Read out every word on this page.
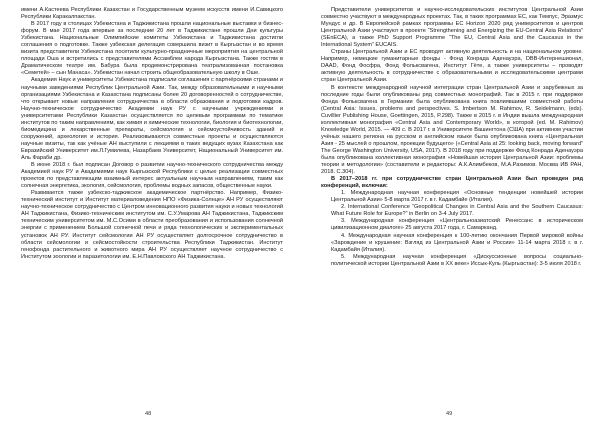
имени А.Кастеева Республики Казахстан и Государственным музеем искусств имени И.Савицкого Республики Каракалпакстан.

В 2017 году в столицах Узбекистана и Таджикистана прошли национальные выставки и бизнес-форум. В мае 2017 года впервые за последние 20 лет в Таджикистане прошли Дни культуры Узбекистана. Национальные Олимпийские комитеты Узбекистана и Таджикистана достигли соглашения о подготовке. Также узбекская делегация совершила визит в Кыргызстан и во время визита представители Узбекистана посетили культурно-праздничные мероприятия на центральной площади Оша и встретились с представителями Ассамблеи народа Кыргызстана. Также гостям в Драматическом театре им. Бабура была продемонстрирована театрализованная постановка «Семетей» – сын Манаса». Узбекистан начал строить общеобразовательную школу в Оше.

Академия Наук и университеты Узбекистана подписали соглашения с партнёрскими странами и научными заведениями Республик Центральной Азии. Так, между образовательными и научными организациями Узбекистана и Казахстана подписаны более 20 договоренностей о сотрудничестве, что открывает новые направления сотрудничества в области образования и подготовки кадров. Научно-техническое сотрудничество Академии наук РУ с научными учреждениями и университетами Республики Казахстан осуществляется по целевым программам по тематике институтов по таким направлениям, как химия и химические технологии, биология и биотехнологии, биомедицина и лекарственные препараты, сейсмология и сейсмоустойчивость зданий и сооружений, археология и история. Реализовываются совместные проекты и осуществляются научные визиты, так как учёные АН выступили с лекциями в таких ведущих вузах Казахстана как Евразийский Университет им.Л.Гумилева, Назарбаев Университет, Национальный Университет им. Аль Фараби др.

В июне 2018 г. был подписан Договор о развитии научно-технического сотрудничества между Академией наук РУ и Академиями наук Кыргызской Республики с целью реализации совместных проектов по представляющим взаимный интерес актуальным научным направлениям, таким как солнечная энергетика, экология, сейсмология, проблемы водных запасов, общественные науки.

Развивается также узбекско-таджикское академическое партнёрство. Например, Физико-технический институт и Институт материаловедения НПО «Физика-Солнце» АН РУ осуществляют научно-техническое сотрудничество с Центром инновационного развития науки и новых технологий АН Таджикистана, Физико-техническим институтом им. С.У.Умарова АН Таджикистана, Таджикским техническим университетом им. М.С.Осими в области преобразования и использования солнечной энергии с применением Большой солнечной печи и ряда технологических и экспериментальных установок АН РУ. Институт сейсмологии АН РУ осуществляет долгосрочное сотрудничество в области сейсмологии и сейсмостойкости строительства Республики Таджикистан. Институт генофонда растительного и животного мира АН РУ осуществляет научное сотрудничество с Институтом зоологии и паразитологии им. Е.Н.Павловского АН Таджикистана.

48

Представители университетов и научно-исследовательских институтов Центральной Азии совместно участвуют в международных проектах. Так, в таких программах ЕС, как Темпус, Эразмус Мундус и др. В Европейской рамках программы ЕС Horizon 2020 ряд университетов и центров Центральной Азии участвуют в проекте “Strengthening and Energizing the EU-Central Asia Relations” (SEnECA), а также PhD Support Programme “The EU, Central Asia and the Caucasus in the International System” EUCAIS.

Страны Центральной Азии и ЕС проводят активную деятельность и на национальном уровне. Например, немецкие гуманитарные фонды - Фонд Конрада Аденауэра, DBB-Интернешионал, DAAD, Фонд Фосфра, Фонд Фольксвагена, Институт Гёте, а также университеты – проводят активную деятельность в сотрудничестве с образовательными и исследовательскими центрами стран Центральной Азии.

В контексте международной научной интеграции стран Центральной Азии и зарубежных за последние годы были опубликованы ряд совместных монографий. Так в 2015 г. при поддержке Фонда Фольксвагена в Германии была опубликована книга повлиявшими совместной работы (Central Asia: Issues, problems and perspectives. S. Imbertson M. Rahimov, R. Seidelmann, (eds). Cuvillier Publishing House, Goettingen, 2015, P.298). Также в 2015 г. в Индии вышла международная коллективная монография «Central Asia and Contemporary World», в которой (ed. M. Rahimov) Knowledge World, 2015. — 409 с. В 2017 г. в Университете Вашингтона (США) при активном участии учёных нашего региона на русском и английском языке была опубликована книга «Центральная Азия - 25 мыслей о прошлом, проекции будущего» («Central Asia at 25: looking back, moving forward” The George Washington University, USA, 2017). В 2018 году при поддержке Фонд Конрада Аденауэра была опубликована коллективная монография «Новейшая история Центральной Азии: проблемы теории и методологии» (составители и редакторы: А.К.Алимбеков, М.А.Рахимов. Москва ИВ РАН, 2018. С.304).

В 2017–2018 гг. при сотрудничестве стран Центральной Азии был проведен ряд конференций, включая:

1. Международная научная конференция «Основные тенденции новейшей истории Центральной Азии» 5-8 марта 2017 г. в г. Кадамбайе (Италия).
2. International Conference “Geopolitical Changes in Central Asia and the Southern Caucasus: What Future Role for Europe?” in Berlin on 3-4 July 2017.
3. Международная конференция «Центральноазиатский Ренессанс в историческом цивилизационном диалоге» 25 августа 2017 года, г. Самарканд.
4. Международная научная конференция к 100-летию окончания Первой мировой войны «Зарождение и крушение: Взгляд из Центральной Азии и России» 11-14 марта 2018 г. в г. Кадамбайя (Италия).
5. Международная научная конференция «Дискуссионные вопросы социально-политической истории Центральной Азии в ХХ веке» Иссык-Куль (Кыргызстан): 3-5 июля 2018 г.
49
